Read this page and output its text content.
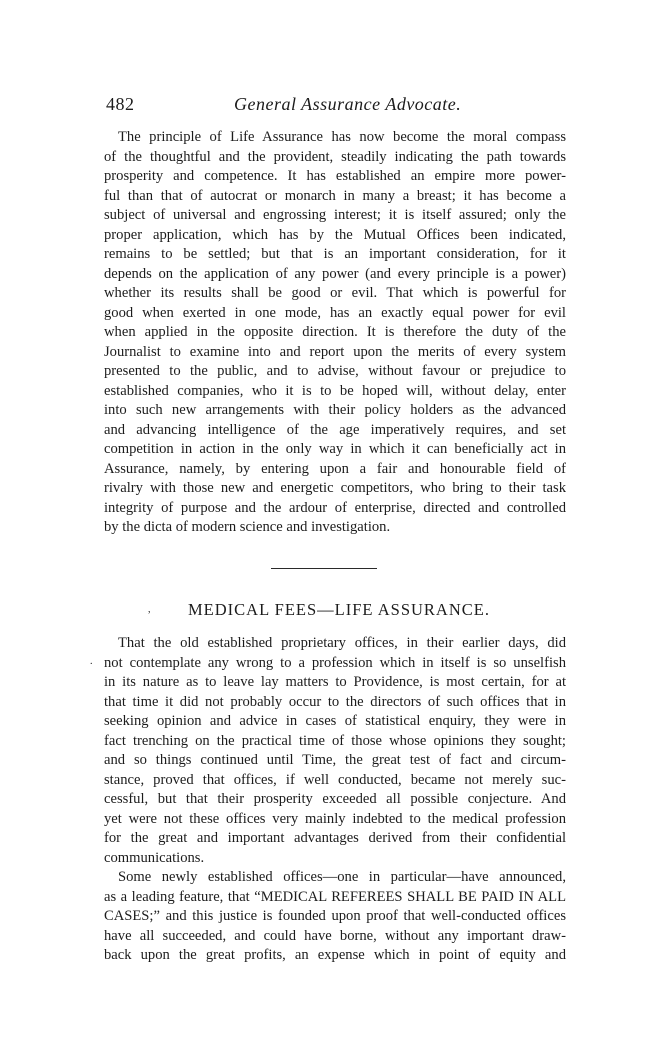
482	General Assurance Advocate.
The principle of Life Assurance has now become the moral compass
of the thoughtful and the provident, steadily indicating the path towards
prosperity and competence. It has established an empire more power-
ful than that of autocrat or monarch in many a breast; it has become a
subject of universal and engrossing interest; it is itself assured; only the
proper application, which has by the Mutual Offices been indicated,
remains to be settled; but that is an important consideration, for it
depends on the application of any power (and every principle is a power)
whether its results shall be good or evil. That which is powerful for
good when exerted in one mode, has an exactly equal power for evil
when applied in the opposite direction. It is therefore the duty of the
Journalist to examine into and report upon the merits of every system
presented to the public, and to advise, without favour or prejudice to
established companies, who it is to be hoped will, without delay, enter
into such new arrangements with their policy holders as the advanced
and advancing intelligence of the age imperatively requires, and set
competition in action in the only way in which it can beneficially act in
Assurance, namely, by entering upon a fair and honourable field of
rivalry with those new and energetic competitors, who bring to their task
integrity of purpose and the ardour of enterprise, directed and controlled
by the dicta of modern science and investigation.
, MEDICAL FEES—LIFE ASSURANCE.
.
That the old established proprietary offices, in their earlier days, did
not contemplate any wrong to a profession which in itself is so unselfish
in its nature as to leave lay matters to Providence, is most certain, for at
that time it did not probably occur to the directors of such offices that in
seeking opinion and advice in cases of statistical enquiry, they were in
fact trenching on the practical time of those whose opinions they sought;
and so things continued until Time, the great test of fact and circum-
stance, proved that offices, if well conducted, became not merely suc-
cessful, but that their prosperity exceeded all possible conjecture. And
yet were not these offices very mainly indebted to the medical profession
for the great and important advantages derived from their confidential
communications.
Some newly established offices—one in particular—have announced,
as a leading feature, that “MEDICAL REFEREES SHALL BE PAID IN ALL
CASES;” and this justice is founded upon proof that well-conducted offices
have all succeeded, and could have borne, without any important draw-
back upon the great profits, an expense which in point of equity and
